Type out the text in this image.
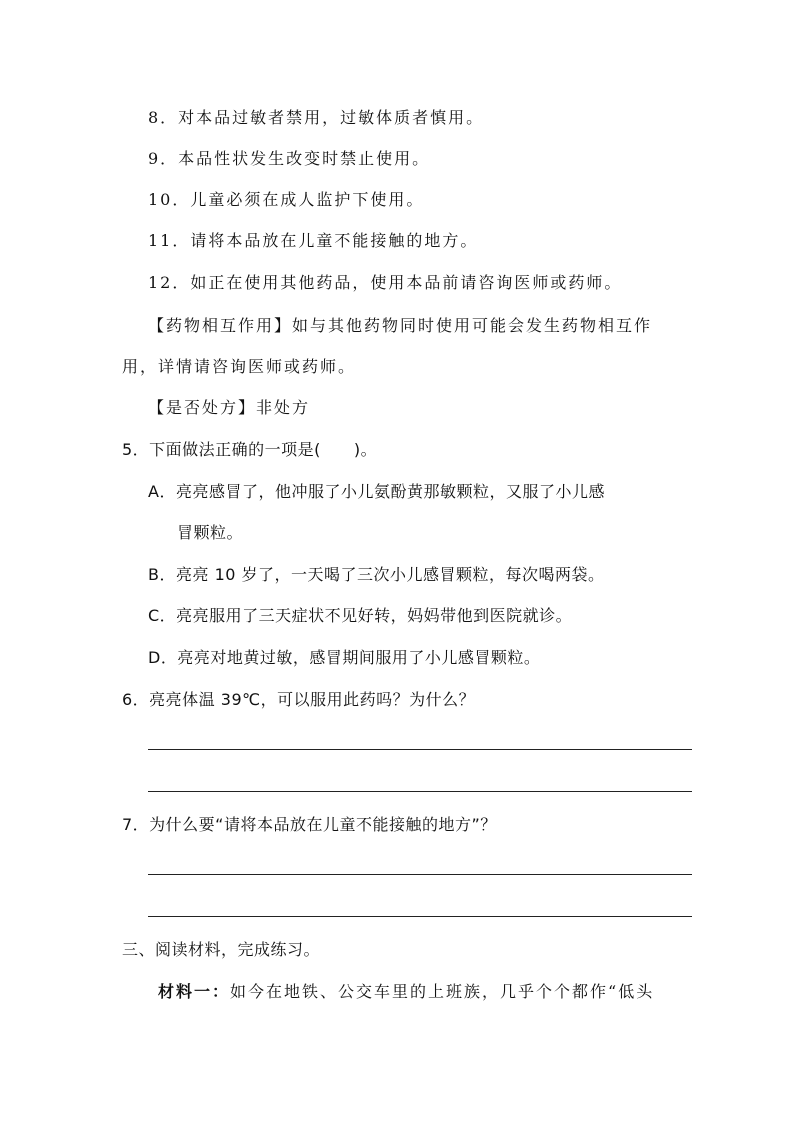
8．对本品过敏者禁用，过敏体质者慎用。
9．本品性状发生改变时禁止使用。
10．儿童必须在成人监护下使用。
11．请将本品放在儿童不能接触的地方。
12．如正在使用其他药品，使用本品前请咨询医师或药师。
【药物相互作用】如与其他药物同时使用可能会发生药物相互作
用，详情请咨询医师或药师。
【是否处方】非处方
5．下面做法正确的一项是(　　)。
A．亮亮感冒了，他冲服了小儿氨酚黄那敏颗粒，又服了小儿感
冒颗粒。
B．亮亮 10 岁了，一天喝了三次小儿感冒颗粒，每次喝两袋。
C．亮亮服用了三天症状不见好转，妈妈带他到医院就诊。
D．亮亮对地黄过敏，感冒期间服用了小儿感冒颗粒。
6．亮亮体温 39℃，可以服用此药吗？为什么？
7．为什么要“请将本品放在儿童不能接触的地方”？
三、阅读材料，完成练习。
材料一：如今在地铁、公交车里的上班族，几乎个个都作“低头
